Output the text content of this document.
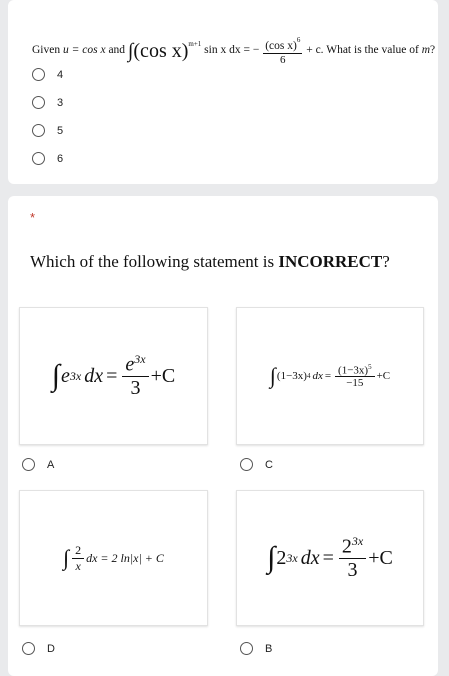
Given u = cos x and ∫(cos x)$^{m+1}$ sin x dx = − $\frac{(\cos x)^6}{6} + c$. What is the value of m?
4
3
5
6
*
Which of the following statement is INCORRECT?
∫ e 3x dx = $\frac{e^{3x}}{3} +C$
A
∫ (1−3x) 4 dx = $\frac{(1-3x)^5}{-15} +C$
C
∫ 2
x
dx = 2 ln|x| + C
D
∫ 2 3x dx = $\frac{2^{3x}}{3} +C$
B
